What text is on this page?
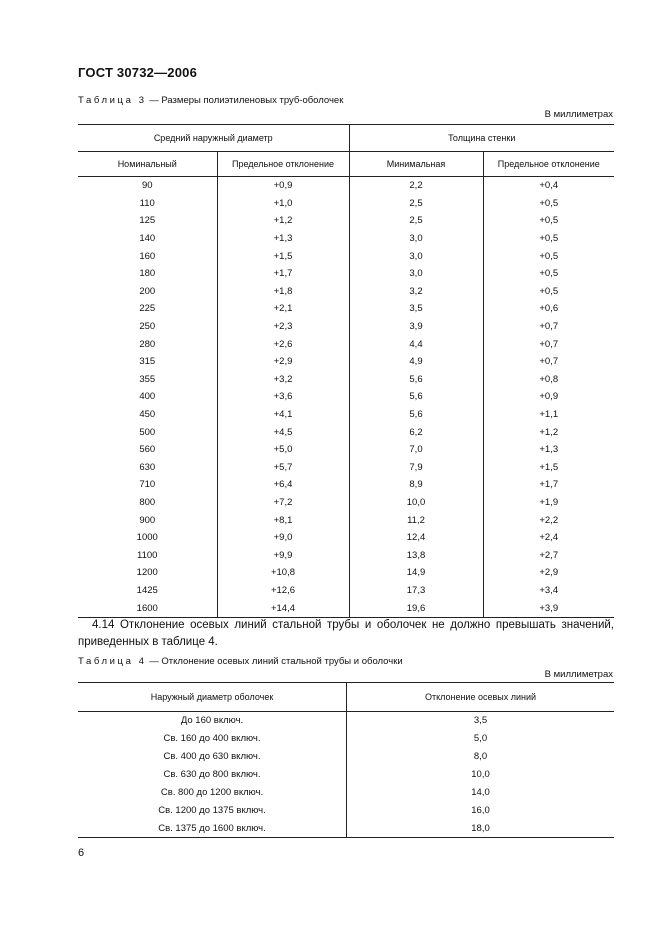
ГОСТ 30732—2006
Таблица 3 — Размеры полиэтиленовых труб-оболочек
В миллиметрах
Средний наружный диаметр		Толщина стенки	
Номинальный	Предельное отклонение	Минимальная	Предельное отклонение
90	+0,9	2,2	+0,4
110	+1,0	2,5	+0,5
125	+1,2	2,5	+0,5
140	+1,3	3,0	+0,5
160	+1,5	3,0	+0,5
180	+1,7	3,0	+0,5
200	+1,8	3,2	+0,5
225	+2,1	3,5	+0,6
250	+2,3	3,9	+0,7
280	+2,6	4,4	+0,7
315	+2,9	4,9	+0,7
355	+3,2	5,6	+0,8
400	+3,6	5,6	+0,9
450	+4,1	5,6	+1,1
500	+4,5	6,2	+1,2
560	+5,0	7,0	+1,3
630	+5,7	7,9	+1,5
710	+6,4	8,9	+1,7
800	+7,2	10,0	+1,9
900	+8,1	11,2	+2,2
1000	+9,0	12,4	+2,4
1100	+9,9	13,8	+2,7
1200	+10,8	14,9	+2,9
1425	+12,6	17,3	+3,4
1600	+14,4	19,6	+3,9
4.14 Отклонение осевых линий стальной трубы и оболочек не должно превышать значений, приведенных в таблице 4.
Таблица 4 — Отклонение осевых линий стальной трубы и оболочки
В миллиметрах
Наружный диаметр оболочек	Отклонение осевых линий
До 160 включ.	3,5
Св. 160 до 400 включ.	5,0
Св. 400 до 630 включ.	8,0
Св. 630 до 800 включ.	10,0
Св. 800 до 1200 включ.	14,0
Св. 1200 до 1375 включ.	16,0
Св. 1375 до 1600 включ.	18,0
6
